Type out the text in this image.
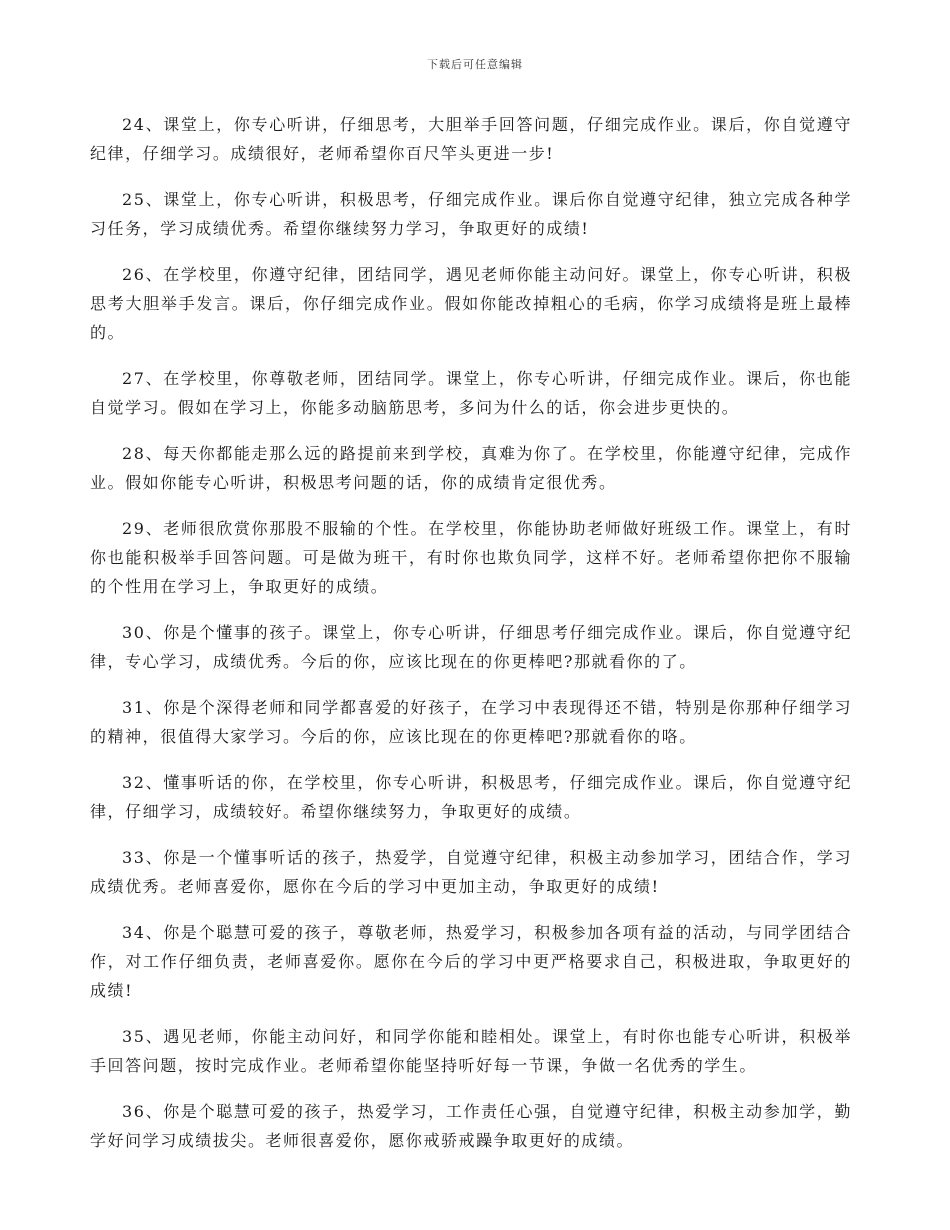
下载后可任意编辑

24、课堂上，你专心听讲，仔细思考，大胆举手回答问题，仔细完成作业。课后，你自觉遵守纪律，仔细学习。成绩很好，老师希望你百尺竿头更进一步!

25、课堂上，你专心听讲，积极思考，仔细完成作业。课后你自觉遵守纪律，独立完成各种学习任务，学习成绩优秀。希望你继续努力学习，争取更好的成绩!

26、在学校里，你遵守纪律，团结同学，遇见老师你能主动问好。课堂上，你专心听讲，积极思考大胆举手发言。课后，你仔细完成作业。假如你能改掉粗心的毛病，你学习成绩将是班上最棒的。

27、在学校里，你尊敬老师，团结同学。课堂上，你专心听讲，仔细完成作业。课后，你也能自觉学习。假如在学习上，你能多动脑筋思考，多问为什么的话，你会进步更快的。

28、每天你都能走那么远的路提前来到学校，真难为你了。在学校里，你能遵守纪律，完成作业。假如你能专心听讲，积极思考问题的话，你的成绩肯定很优秀。

29、老师很欣赏你那股不服输的个性。在学校里，你能协助老师做好班级工作。课堂上，有时你也能积极举手回答问题。可是做为班干，有时你也欺负同学，这样不好。老师希望你把你不服输的个性用在学习上，争取更好的成绩。

30、你是个懂事的孩子。课堂上，你专心听讲，仔细思考仔细完成作业。课后，你自觉遵守纪律，专心学习，成绩优秀。今后的你，应该比现在的你更棒吧?那就看你的了。

31、你是个深得老师和同学都喜爱的好孩子，在学习中表现得还不错，特别是你那种仔细学习的精神，很值得大家学习。今后的你，应该比现在的你更棒吧?那就看你的咯。

32、懂事听话的你，在学校里，你专心听讲，积极思考，仔细完成作业。课后，你自觉遵守纪律，仔细学习，成绩较好。希望你继续努力，争取更好的成绩。

33、你是一个懂事听话的孩子，热爱学，自觉遵守纪律，积极主动参加学习，团结合作，学习成绩优秀。老师喜爱你，愿你在今后的学习中更加主动，争取更好的成绩!

34、你是个聪慧可爱的孩子，尊敬老师，热爱学习，积极参加各项有益的活动，与同学团结合作，对工作仔细负责，老师喜爱你。愿你在今后的学习中更严格要求自己，积极进取，争取更好的成绩!

35、遇见老师，你能主动问好，和同学你能和睦相处。课堂上，有时你也能专心听讲，积极举手回答问题，按时完成作业。老师希望你能坚持听好每一节课，争做一名优秀的学生。

36、你是个聪慧可爱的孩子，热爱学习，工作责任心强，自觉遵守纪律，积极主动参加学，勤学好问学习成绩拔尖。老师很喜爱你，愿你戒骄戒躁争取更好的成绩。
